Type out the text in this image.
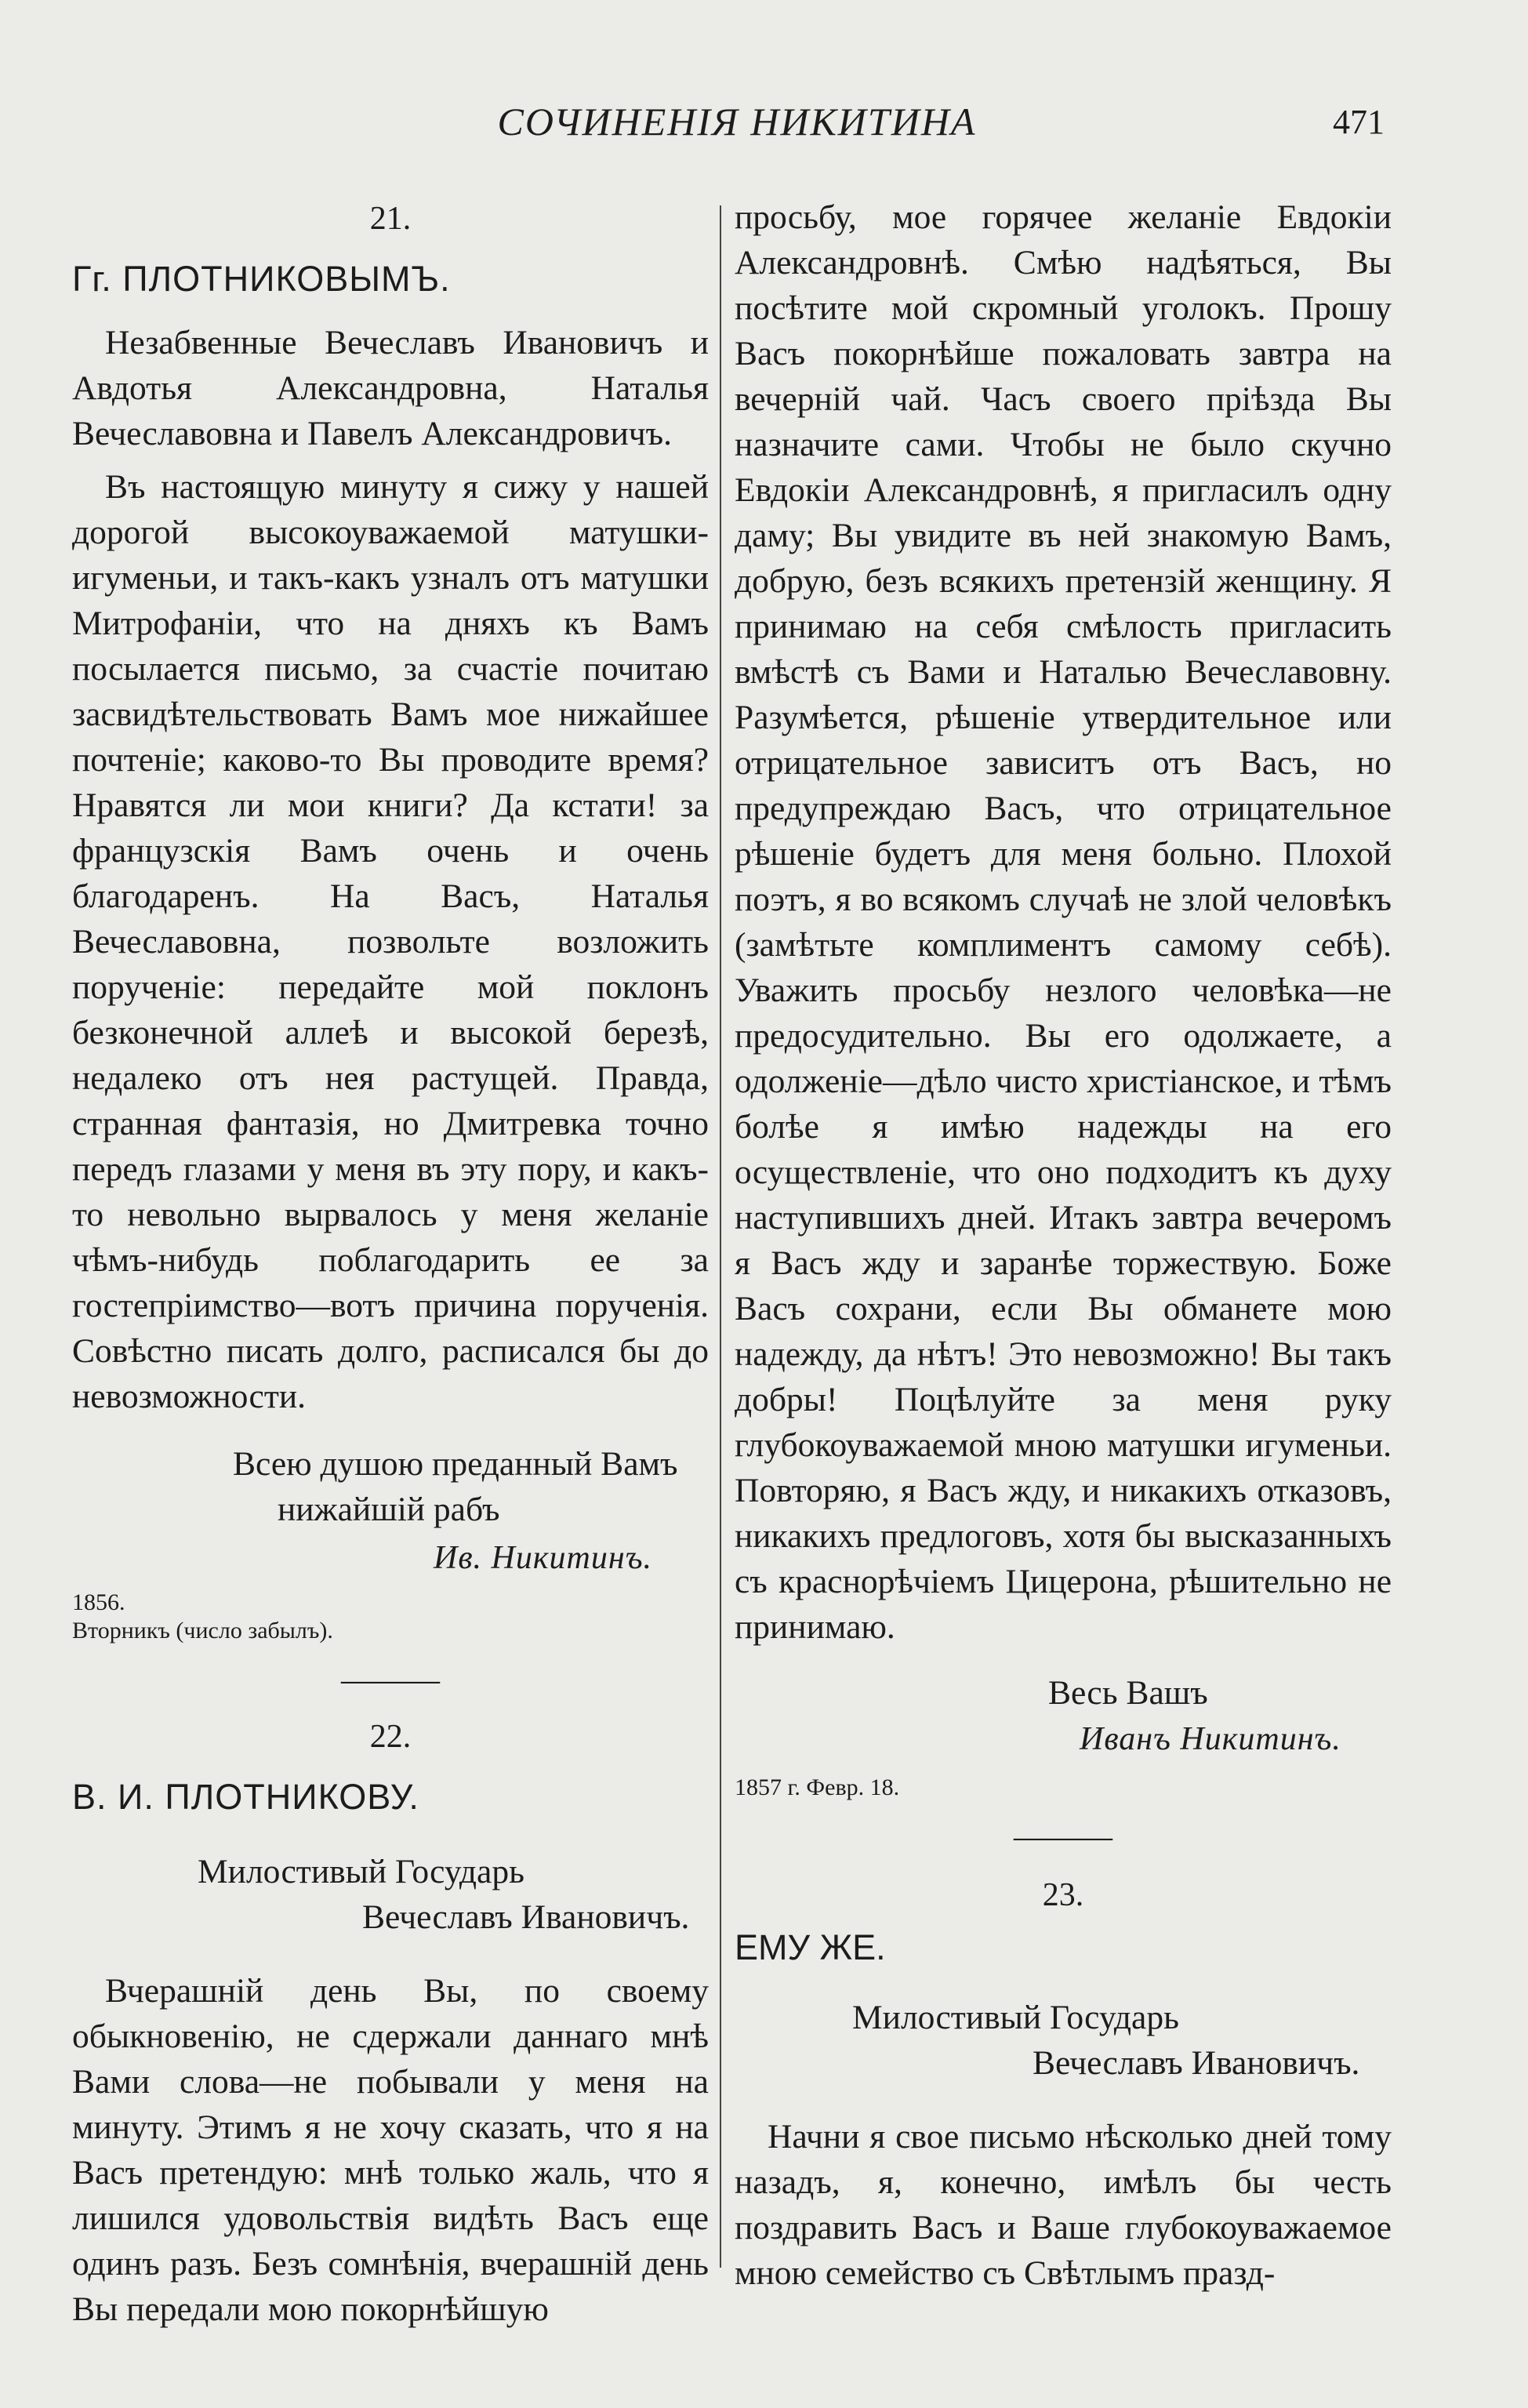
СОЧИНЕНІЯ НИКИТИНА	471
21.
Гг. ПЛОТНИКОВЫМЪ.

Незабвенные Вечеславъ Ивановичъ и Авдотья Александровна, Наталья Вечеславовна и Павелъ Александровичъ.

Въ настоящую минуту я сижу у нашей дорогой высокоуважаемой матушки-игуменьи, и такъ-какъ узналъ отъ матушки Митрофаніи, что на дняхъ къ Вамъ посылается письмо, за счастіе почитаю засвидѣтельствовать Вамъ мое нижайшее почтеніе; каково-то Вы проводите время? Нравятся ли мои книги? Да кстати! за французскія Вамъ очень и очень благодаренъ. На Васъ, Наталья Вечеславовна, позвольте возложить порученіе: передайте мой поклонъ безконечной аллеѣ и высокой березѣ, недалеко отъ нея растущей. Правда, странная фантазія, но Дмитревка точно передъ глазами у меня въ эту пору, и какъ-то невольно вырвалось у меня желаніе чѣмъ-нибудь поблагодарить ее за гостепріимство—вотъ причина порученія. Совѣстно писать долго, расписался бы до невозможности.

Всею душою преданный Вамъ
нижайшій рабъ
Ив. Никитинъ.
1856.
Вторникъ (число забылъ).
———
22.
В. И. ПЛОТНИКОВУ.
Милостивый Государь
Вечеславъ Ивановичъ.

Вчерашній день Вы, по своему обыкновенію, не сдержали даннаго мнѣ Вами слова—не побывали у меня на минуту. Этимъ я не хочу сказать, что я на Васъ претендую: мнѣ только жаль, что я лишился удовольствія видѣть Васъ еще одинъ разъ. Безъ сомнѣнія, вчерашній день Вы передали мою покорнѣйшую

просьбу, мое горячее желаніе Евдокіи Александровнѣ. Смѣю надѣяться, Вы посѣтите мой скромный уголокъ. Прошу Васъ покорнѣйше пожаловать завтра на вечерній чай. Часъ своего пріѣзда Вы назначите сами. Чтобы не было скучно Евдокіи Александровнѣ, я пригласилъ одну даму; Вы увидите въ ней знакомую Вамъ, добрую, безъ всякихъ претензій женщину. Я принимаю на себя смѣлость пригласить вмѣстѣ съ Вами и Наталью Вечеславовну. Разумѣется, рѣшеніе утвердительное или отрицательное зависитъ отъ Васъ, но предупреждаю Васъ, что отрицательное рѣшеніе будетъ для меня больно. Плохой поэтъ, я во всякомъ случаѣ не злой человѣкъ (замѣтьте комплиментъ самому себѣ). Уважить просьбу незлого человѣка—не предосудительно. Вы его одолжаете, а одолженіе—дѣло чисто христіанское, и тѣмъ болѣе я имѣю надежды на его осуществленіе, что оно подходитъ къ духу наступившихъ дней. Итакъ завтра вечеромъ я Васъ жду и заранѣе торжествую. Боже Васъ сохрани, если Вы обманете мою надежду, да нѣтъ! Это невозможно! Вы такъ добры! Поцѣлуйте за меня руку глубокоуважаемой мною матушки игуменьи. Повторяю, я Васъ жду, и никакихъ отказовъ, никакихъ предлоговъ, хотя бы высказанныхъ съ краснорѣчіемъ Цицерона, рѣшительно не принимаю.

Весь Вашъ
Иванъ Никитинъ.
1857 г. Февр. 18.
———
23.
ЕМУ ЖЕ.
Милостивый Государь
Вечеславъ Ивановичъ.

Начни я свое письмо нѣсколько дней тому назадъ, я, конечно, имѣлъ бы честь поздравить Васъ и Ваше глубокоуважаемое мною семейство съ Свѣтлымъ празд-
